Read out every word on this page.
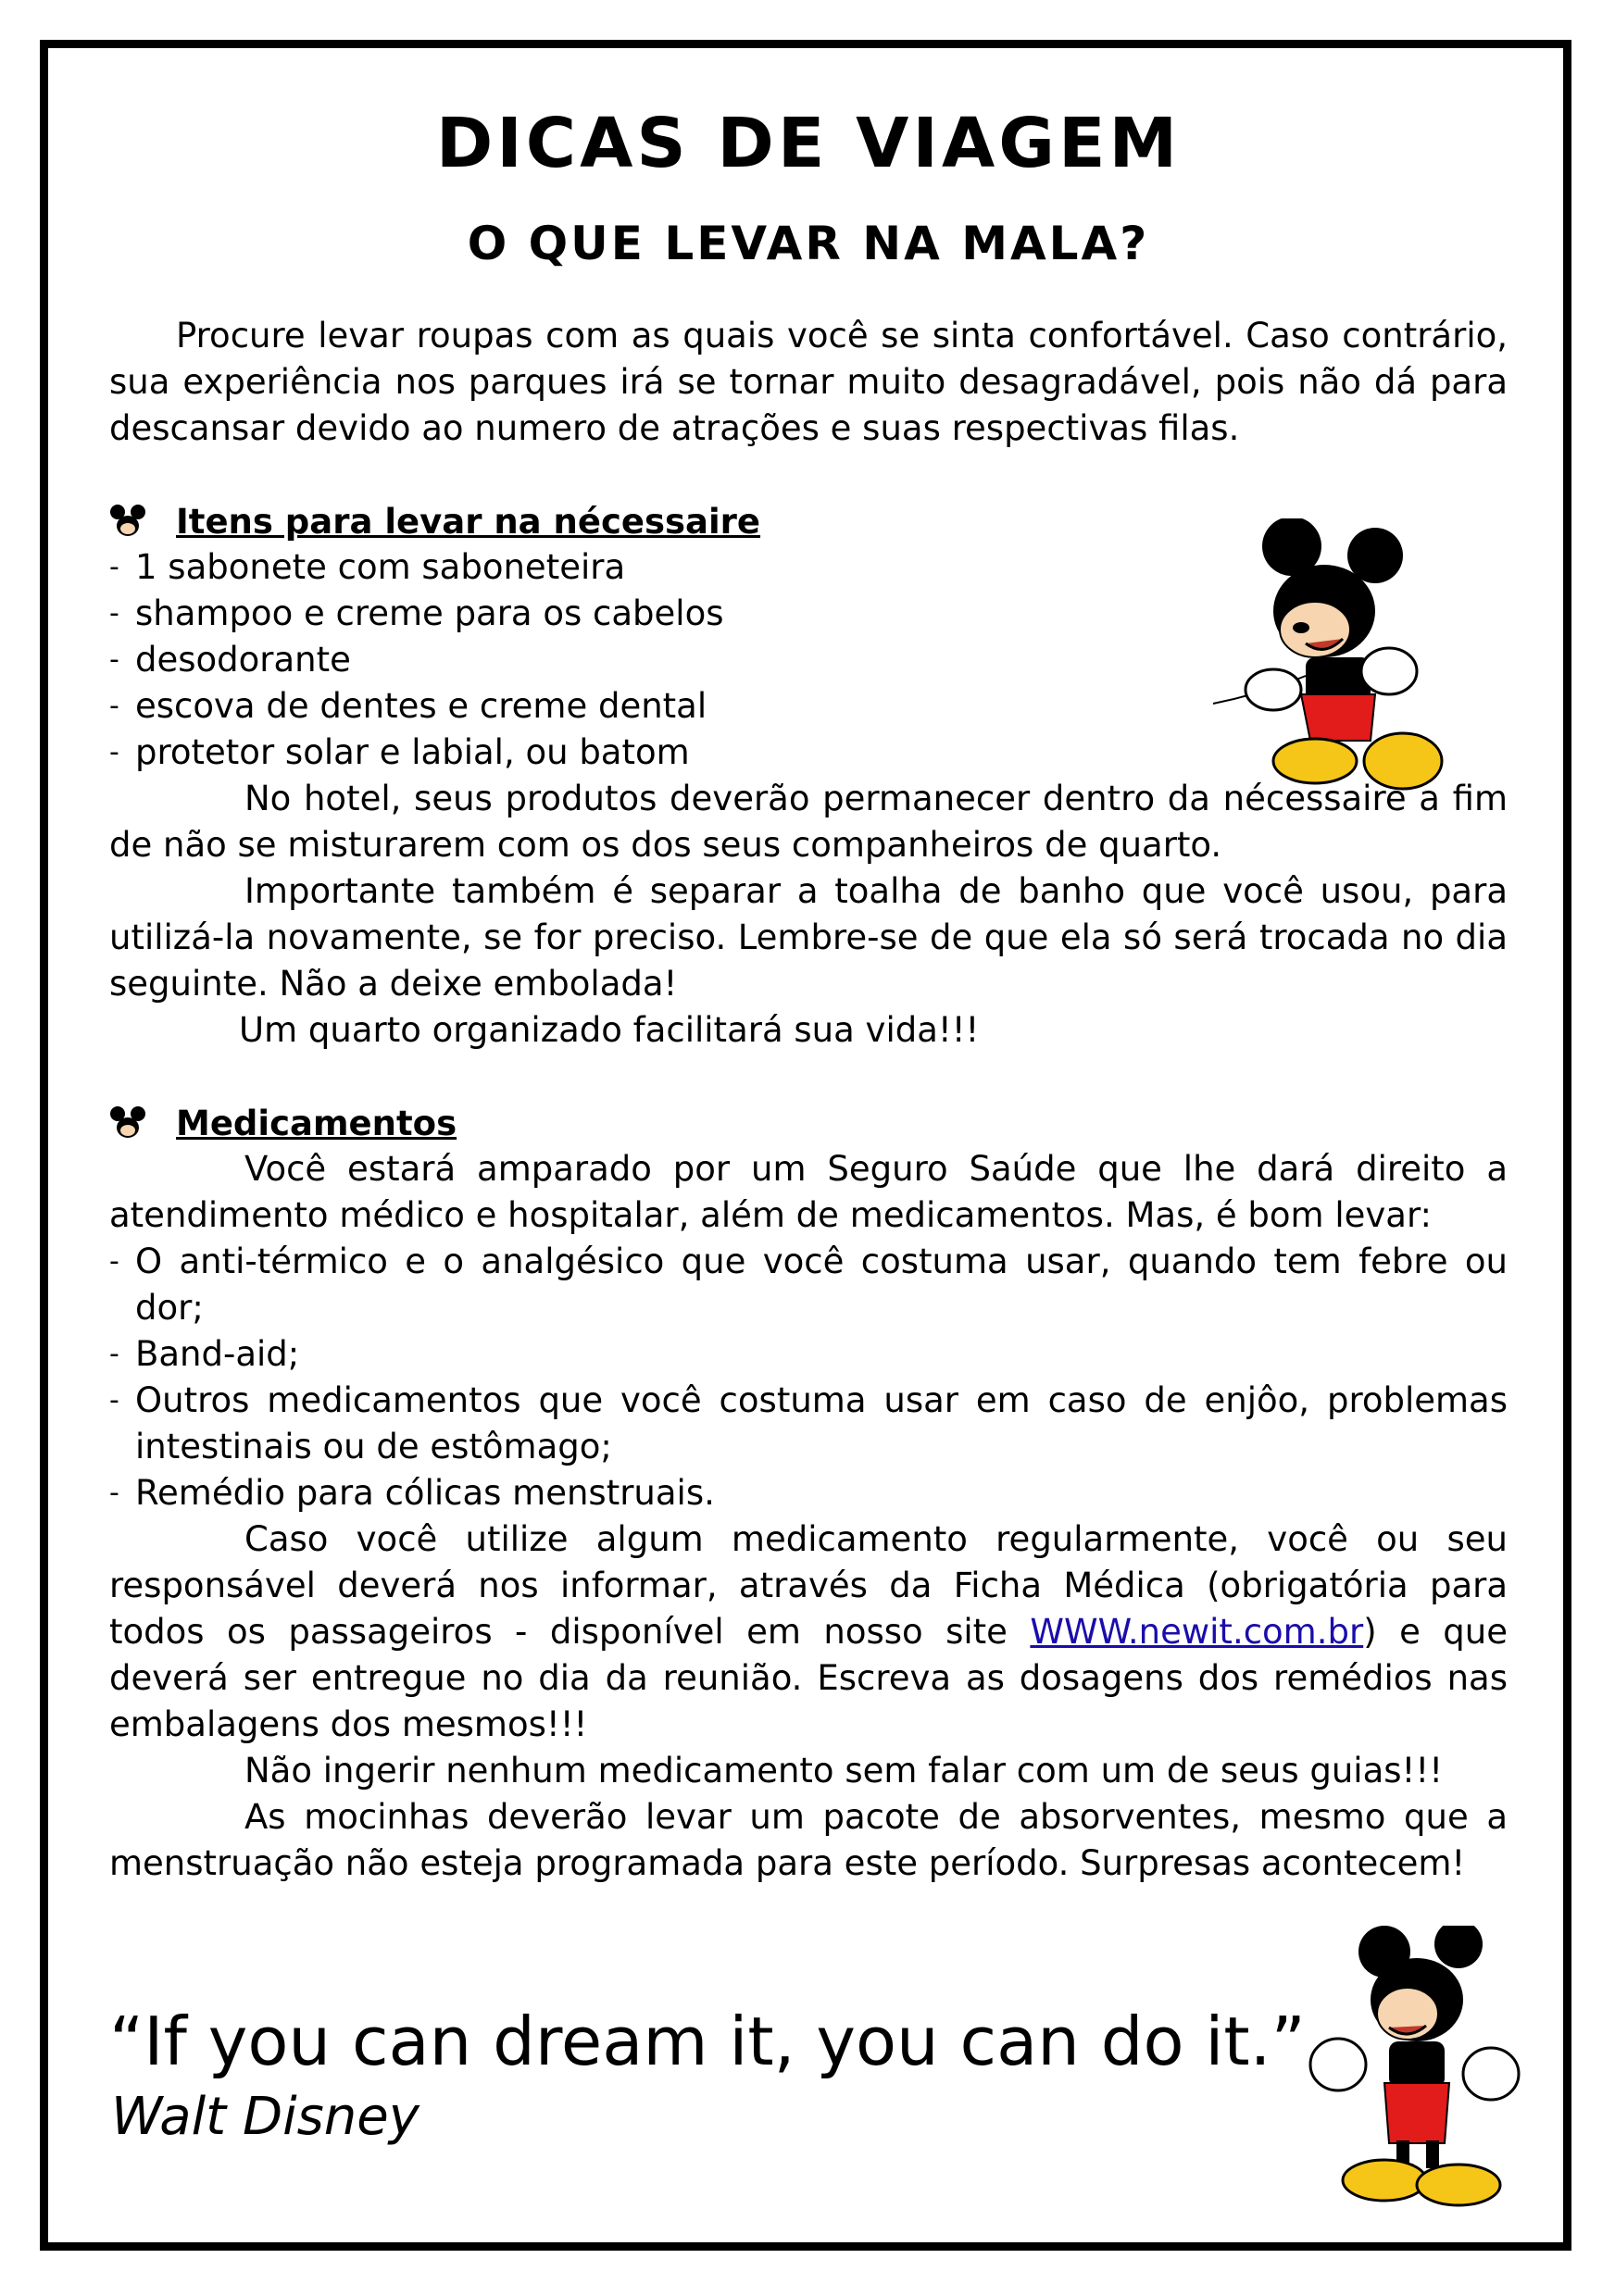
DICAS DE VIAGEM
O QUE LEVAR NA MALA?

Procure levar roupas com as quais você se sinta confortável. Caso contrário, sua experiência nos parques irá se tornar muito desagradável, pois não dá para descansar devido ao numero de atrações e suas respectivas filas.

Itens para levar na nécessaire
- 1 sabonete com saboneteira
- shampoo e creme para os cabelos
- desodorante
- escova de dentes e creme dental
- protetor solar e labial, ou batom

No hotel, seus produtos deverão permanecer dentro da nécessaire a fim de não se misturarem com os dos seus companheiros de quarto.

Importante também é separar a toalha de banho que você usou, para utilizá-la novamente, se for preciso. Lembre-se de que ela só será trocada no dia seguinte. Não a deixe embolada!

Um quarto organizado facilitará sua vida!!!

Medicamentos

Você estará amparado por um Seguro Saúde que lhe dará direito a atendimento médico e hospitalar, além de medicamentos. Mas, é bom levar:

- O anti-térmico e o analgésico que você costuma usar, quando tem febre ou dor;
- Band-aid;
- Outros medicamentos que você costuma usar em caso de enjôo, problemas intestinais ou de estômago;
- Remédio para cólicas menstruais.

Caso você utilize algum medicamento regularmente, você ou seu responsável deverá nos informar, através da Ficha Médica (obrigatória para todos os passageiros - disponível em nosso site WWW.newit.com.br) e que deverá ser entregue no dia da reunião. Escreva as dosagens dos remédios nas embalagens dos mesmos!!!

Não ingerir nenhum medicamento sem falar com um de seus guias!!!

As mocinhas deverão levar um pacote de absorventes, mesmo que a menstruação não esteja programada para este período. Surpresas acontecem!

“If you can dream it, you can do it.”
Walt Disney
